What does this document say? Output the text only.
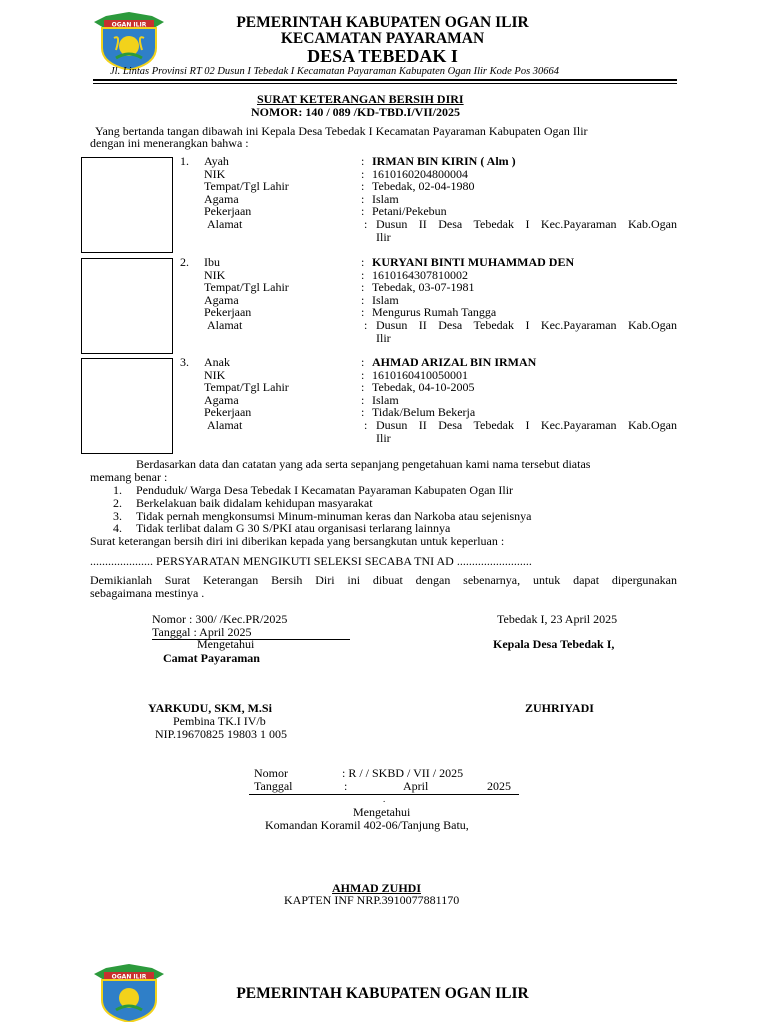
OGAN ILIR	PEMERINTAH KABUPATEN OGAN ILIR
KECAMATAN PAYARAMAN
DESA TEBEDAK I
Jl. Lintas Provinsi RT 02 Dusun I Tebedak I Kecamatan Payaraman Kabupaten Ogan Ilir Kode Pos 30664
SURAT KETERANGAN BERSIH DIRI
NOMOR: 140 / 089 /KD-TBD.I/VII/2025
Yang bertanda tangan dibawah ini Kepala Desa Tebedak I Kecamatan Payaraman Kabupaten Ogan Ilir
dengan ini menerangkan bahwa :
1. Ayah	: IRMAN BIN KIRIN ( Alm )
NIK	: 1610160204800004
Tempat/Tgl Lahir	: Tebedak, 02-04-1980
Agama	: Islam
Pekerjaan	: Petani/Pekebun
Alamat	: Dusun II Desa Tebedak I Kec.Payaraman Kab.Ogan
Ilir
2. Ibu	: KURYANI BINTI MUHAMMAD DEN
NIK	: 1610164307810002
Tempat/Tgl Lahir	: Tebedak, 03-07-1981
Agama	: Islam
Pekerjaan	: Mengurus Rumah Tangga
Alamat	: Dusun II Desa Tebedak I Kec.Payaraman Kab.Ogan
Ilir
3. Anak	: AHMAD ARIZAL BIN IRMAN
NIK	: 1610160410050001
Tempat/Tgl Lahir	: Tebedak, 04-10-2005
Agama	: Islam
Pekerjaan	: Tidak/Belum Bekerja
Alamat	: Dusun II Desa Tebedak I Kec.Payaraman Kab.Ogan
Ilir
Berdasarkan data dan catatan yang ada serta sepanjang pengetahuan kami nama tersebut diatas
memang benar :
1. Penduduk/ Warga Desa Tebedak I Kecamatan Payaraman Kabupaten Ogan Ilir
2. Berkelakuan baik didalam kehidupan masyarakat
3. Tidak pernah mengkonsumsi Minum-minuman keras dan Narkoba atau sejenisnya
4. Tidak terlibat dalam G 30 S/PKI atau organisasi terlarang lainnya
Surat keterangan bersih diri ini diberikan kepada yang bersangkutan untuk keperluan :
..................... PERSYARATAN MENGIKUTI SELEKSI SECABA TNI AD .........................
Demikianlah Surat Keterangan Bersih Diri ini dibuat dengan sebenarnya, untuk dapat dipergunakan
sebagaimana mestinya .
Nomor : 300/ /Kec.PR/2025
Tanggal : April 2025
Mengetahui
Camat Payaraman
Tebedak I, 23 April 2025
Kepala Desa Tebedak I,
YARKUDU, SKM, M.Si
Pembina TK.I IV/b
NIP.19670825 19803 1 005
ZUHRIYADI
Nomor	: R / / SKBD / VII / 2025
Tanggal	:	April	2025
.
Mengetahui
Komandan Koramil 402-06/Tanjung Batu,
AHMAD ZUHDI
KAPTEN INF NRP.3910077881170
OGAN ILIR
PEMERINTAH KABUPATEN OGAN ILIR
